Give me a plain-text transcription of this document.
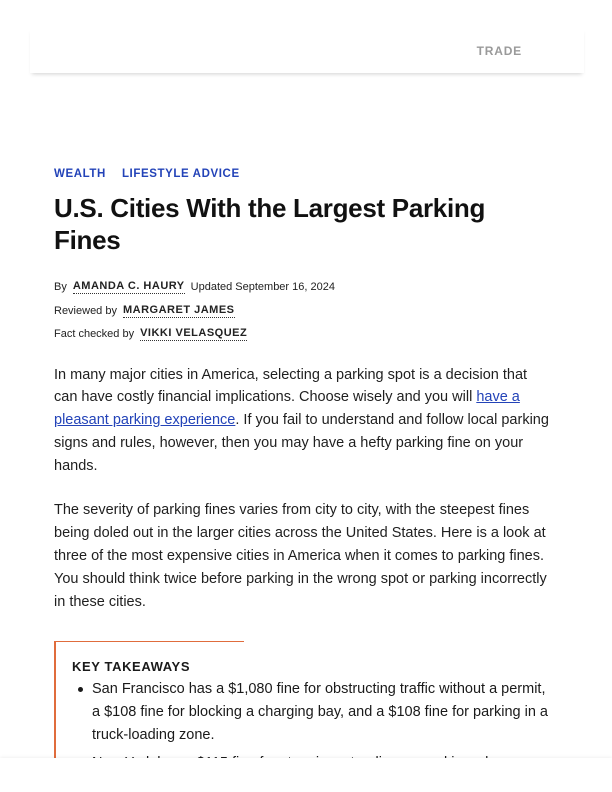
TRADE
WEALTH LIFESTYLE ADVICE
U.S. Cities With the Largest Parking Fines
By AMANDA C. HAURY Updated September 16, 2024
Reviewed by MARGARET JAMES
Fact checked by VIKKI VELASQUEZ

In many major cities in America, selecting a parking spot is a decision that can have costly financial implications. Choose wisely and you will have a pleasant parking experience. If you fail to understand and follow local parking signs and rules, however, then you may have a hefty parking fine on your hands.

The severity of parking fines varies from city to city, with the steepest fines being doled out in the larger cities across the United States. Here is a look at three of the most expensive cities in America when it comes to parking fines. You should think twice before parking in the wrong spot or parking incorrectly in these cities.

KEY TAKEAWAYS
San Francisco has a $1,080 fine for obstructing traffic without a permit, a $108 fine for blocking a charging bay, and a $108 fine for parking in a truck-loading zone.
